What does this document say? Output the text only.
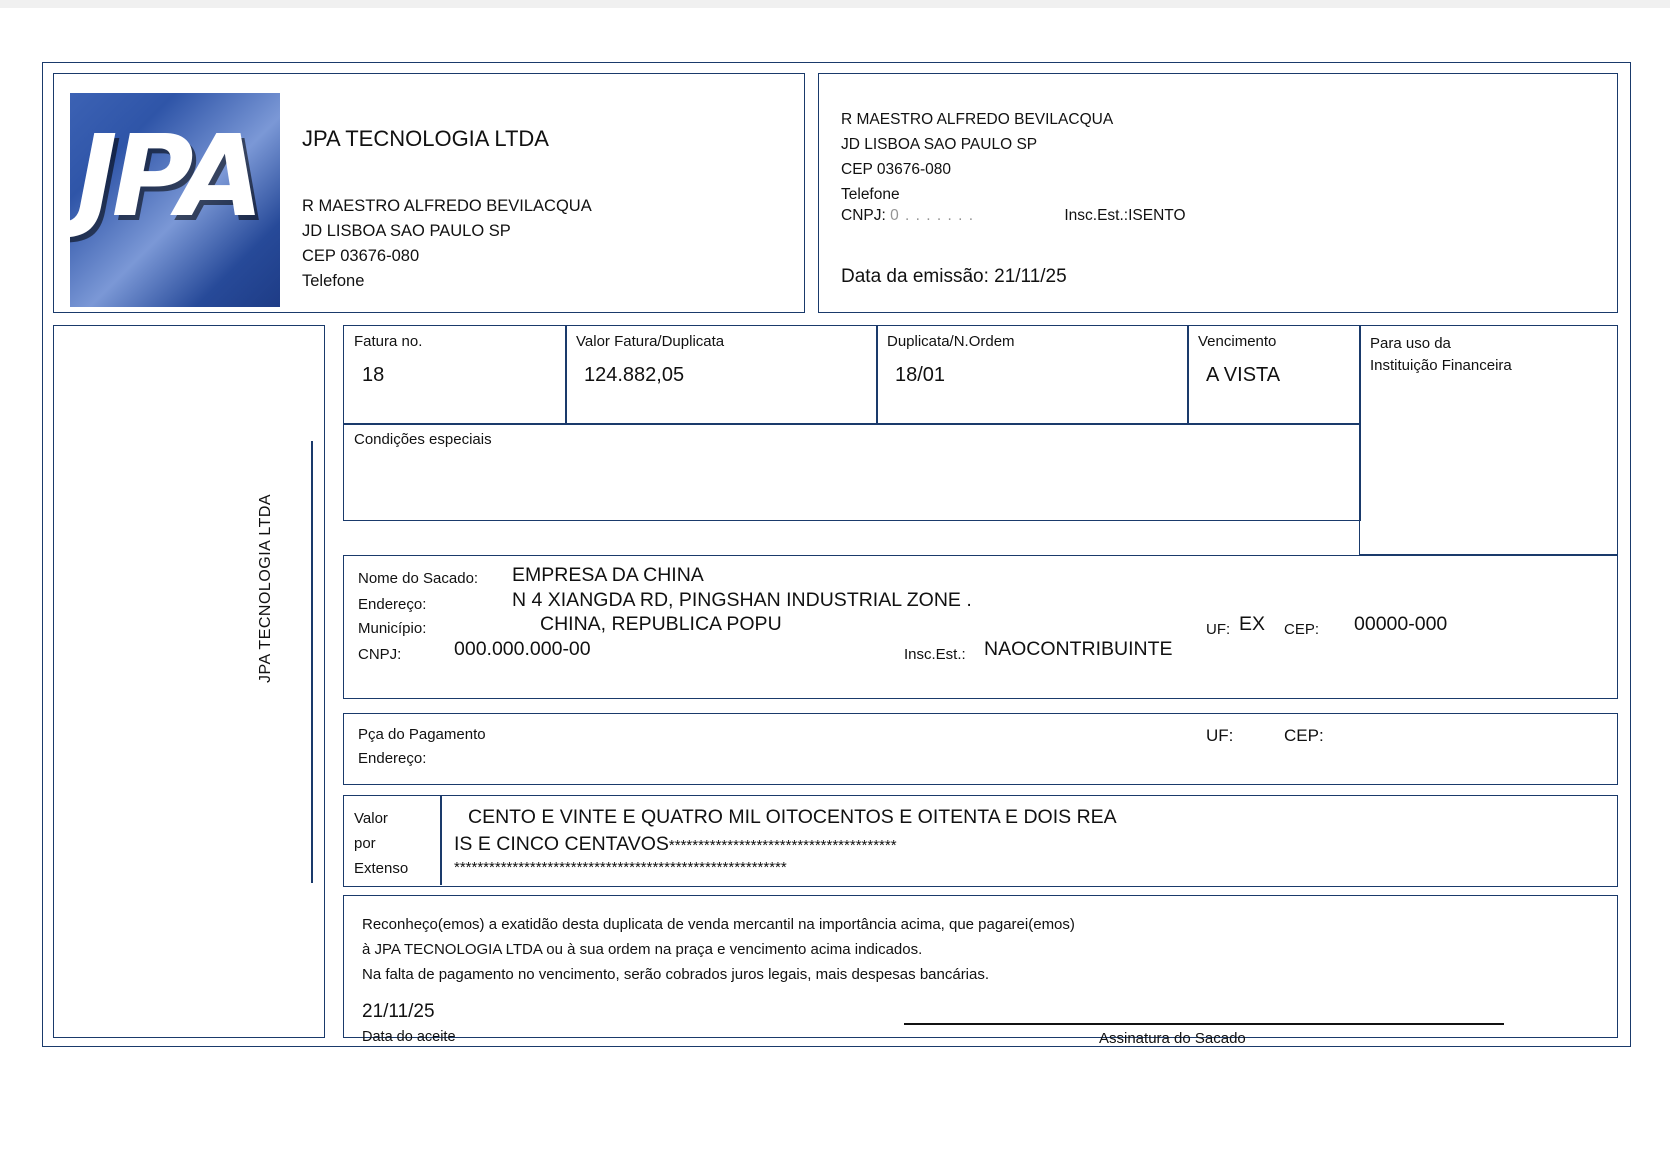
JPA JPA TECNOLOGIA LTDA
R MAESTRO ALFREDO BEVILACQUA
JD LISBOA SAO PAULO SP
CEP 03676-080
Telefone
R MAESTRO ALFREDO BEVILACQUA
JD LISBOA SAO PAULO SP
CEP 03676-080
Telefone
CNPJ: 0 . . . . . . .	Insc.Est.:ISENTO
Data da emissão: 21/11/25
JPA TECNOLOGIA LTDA
Fatura no.
18
Valor Fatura/Duplicata
124.882,05
Duplicata/N.Ordem
18/01
Vencimento
A VISTA
Para uso da
Instituição Financeira
Condições especiais
Nome do Sacado: EMPRESA DA CHINA
Endereço:	N 4 XIANGDA RD, PINGSHAN INDUSTRIAL ZONE .
Município:	CHINA, REPUBLICA POPU	UF: EX CEP: 00000-000
CNPJ:	000.000.000-00	Insc.Est.: NAOCONTRIBUINTE
Pça do Pagamento
Endereço:
UF:	CEP:
Valor
por
Extenso
CENTO E VINTE E QUATRO MIL OITOCENTOS E OITENTA E DOIS REA
IS E CINCO CENTAVOS***************************************
*********************************************************
Reconheço(emos) a exatidão desta duplicata de venda mercantil na importância acima, que pagarei(emos)
à JPA TECNOLOGIA LTDA ou à sua ordem na praça e vencimento acima indicados.
Na falta de pagamento no vencimento, serão cobrados juros legais, mais despesas bancárias.
21/11/25
Data do aceite	Assinatura do Sacado
